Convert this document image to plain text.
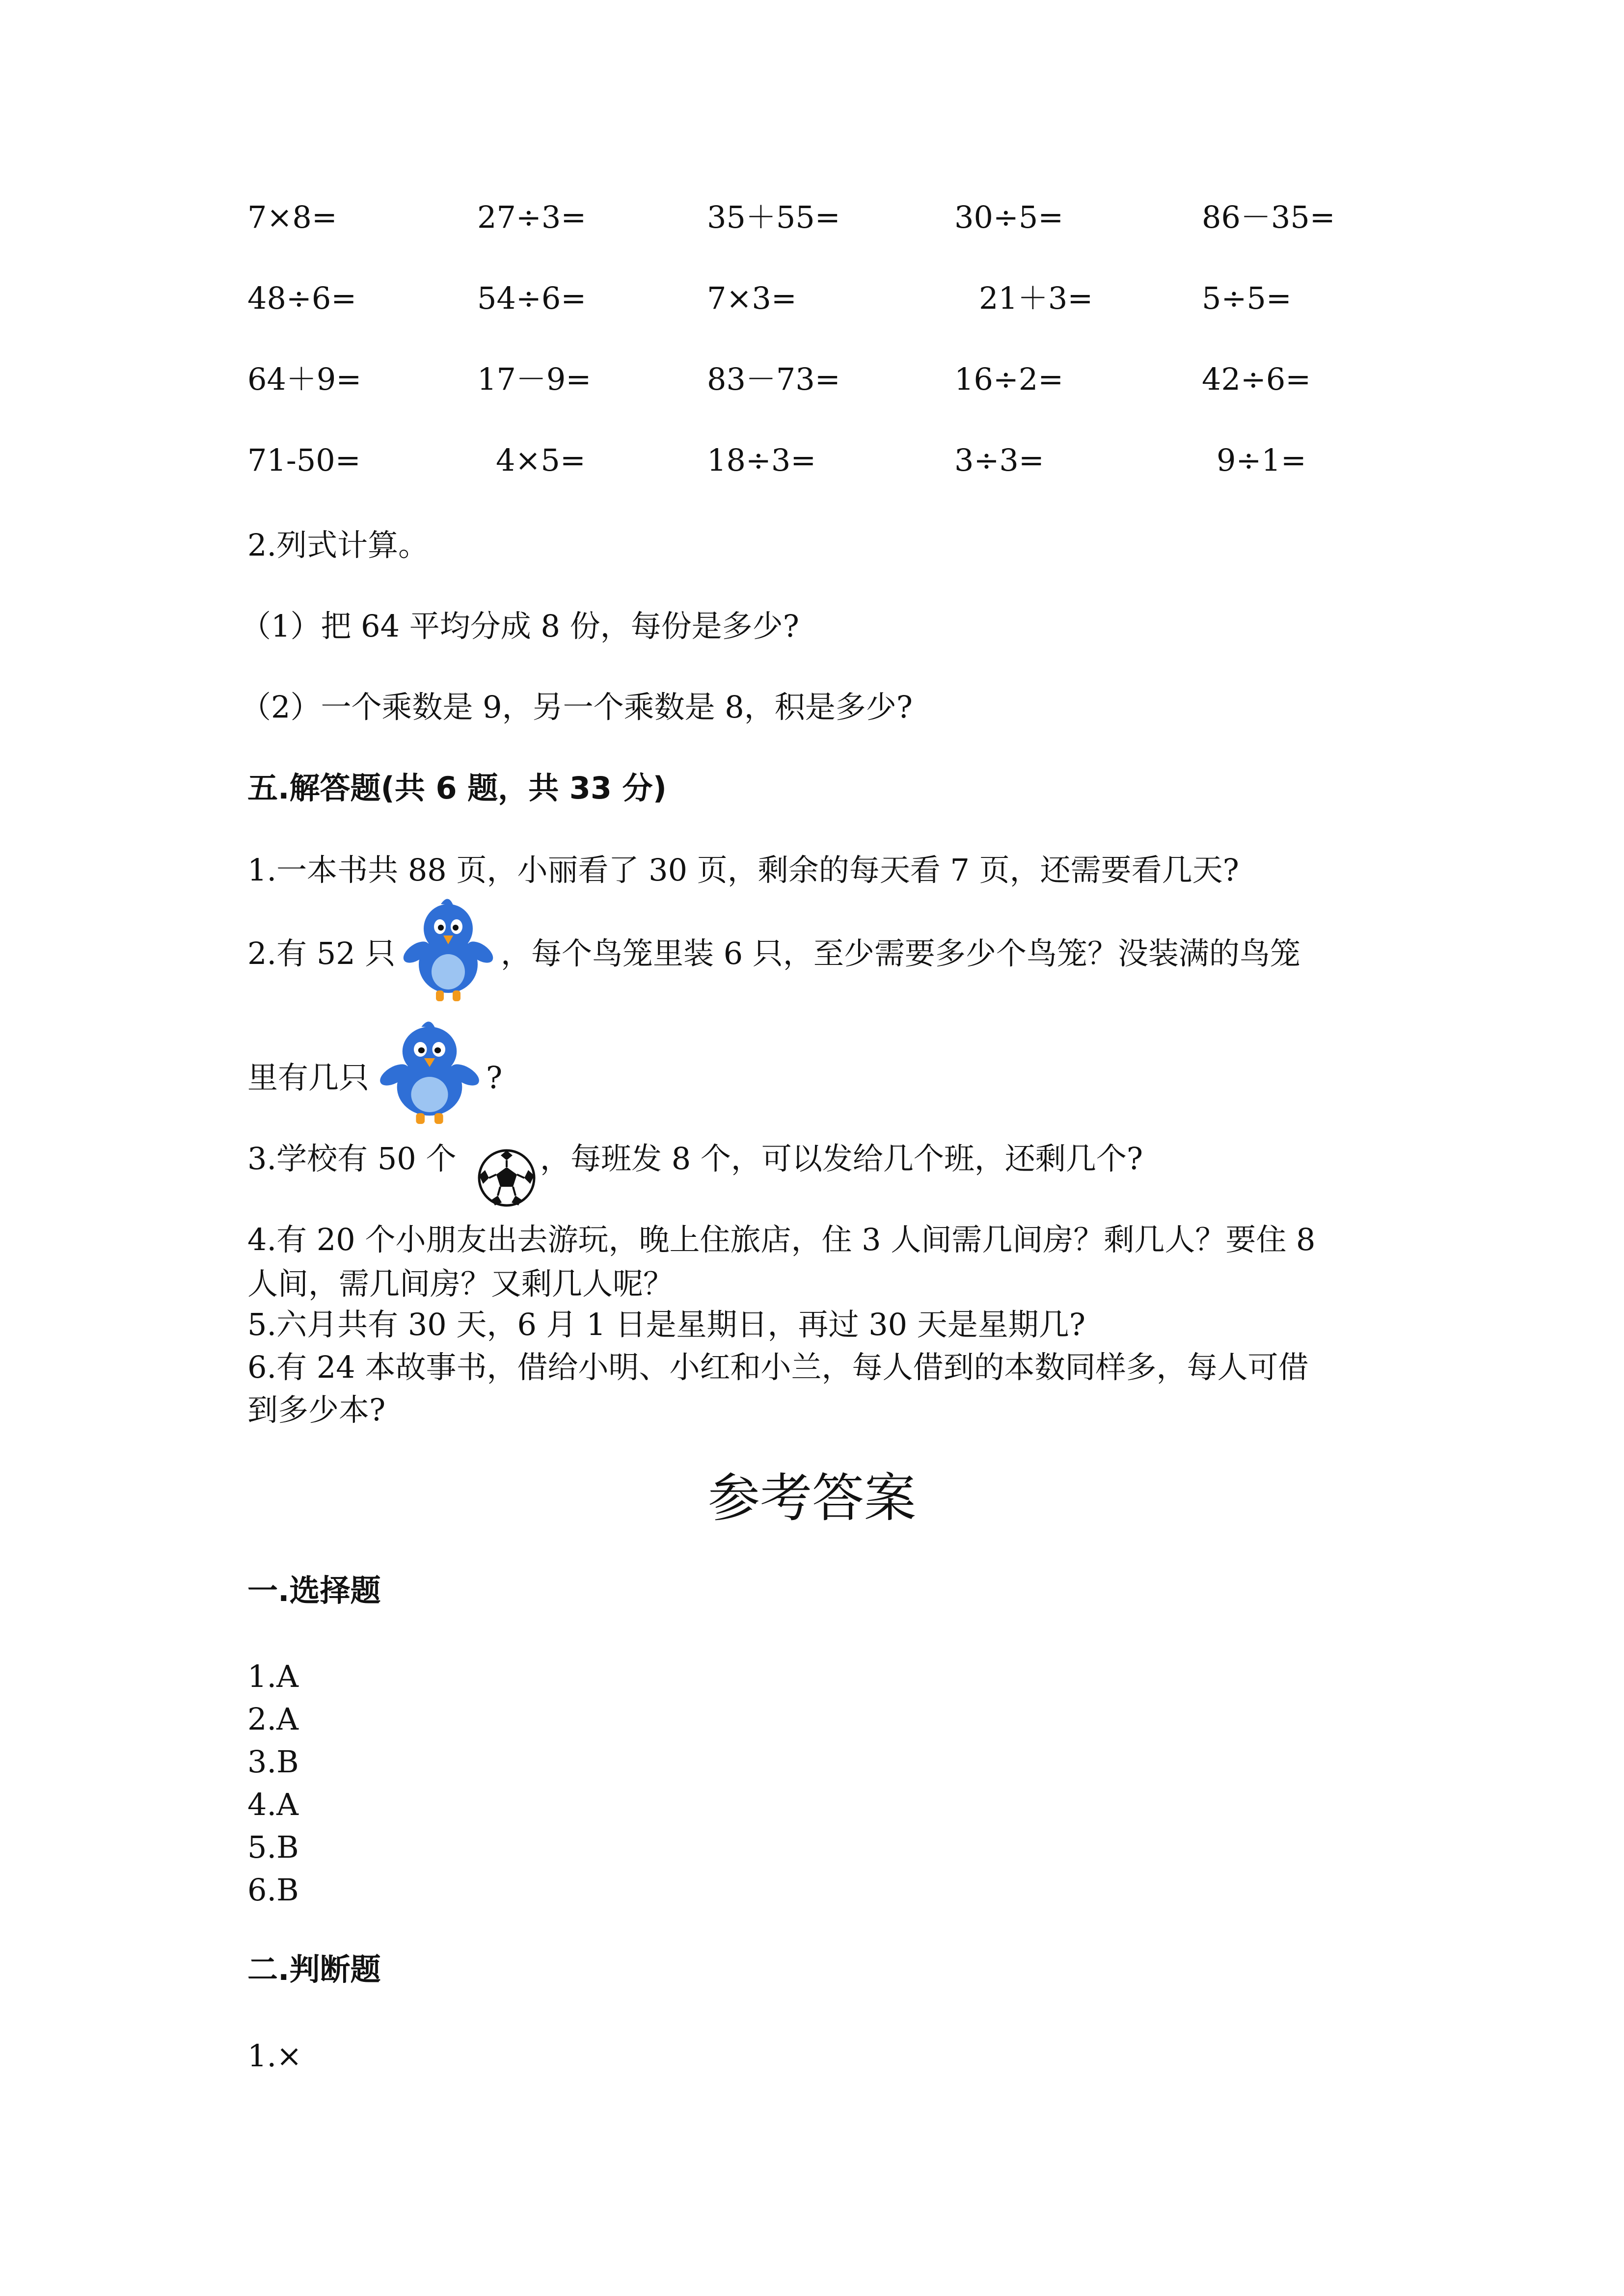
7×8=	27÷3=	35＋55=	30÷5=	86－35=
48÷6=	54÷6=	7×3=	21＋3=	5÷5=
64＋9=	17－9=	83－73=	16÷2=	42÷6=
71-50=	4×5=	18÷3=	3÷3=	9÷1=
2.列式计算。
（1）把 64 平均分成 8 份，每份是多少?
（2）一个乘数是 9，另一个乘数是 8，积是多少?
五.解答题(共 6 题，共 33 分)
1.一本书共 88 页，小丽看了 30 页，剩余的每天看 7 页，还需要看几天?
2.有 52 只	，每个鸟笼里装 6 只，至少需要多少个鸟笼？没装满的鸟笼
里有几只	?
3.学校有 50 个	，每班发 8 个，可以发给几个班，还剩几个?
4.有 20 个小朋友出去游玩，晚上住旅店，住 3 人间需几间房？剩几人？要住 8
人间，需几间房？又剩几人呢？
5.六月共有 30 天，6 月 1 日是星期日，再过 30 天是星期几?
6.有 24 本故事书，借给小明、小红和小兰，每人借到的本数同样多，每人可借
到多少本?
参考答案
一.选择题
1.A
2.A
3.B
4.A
5.B
6.B
二.判断题
1.×
